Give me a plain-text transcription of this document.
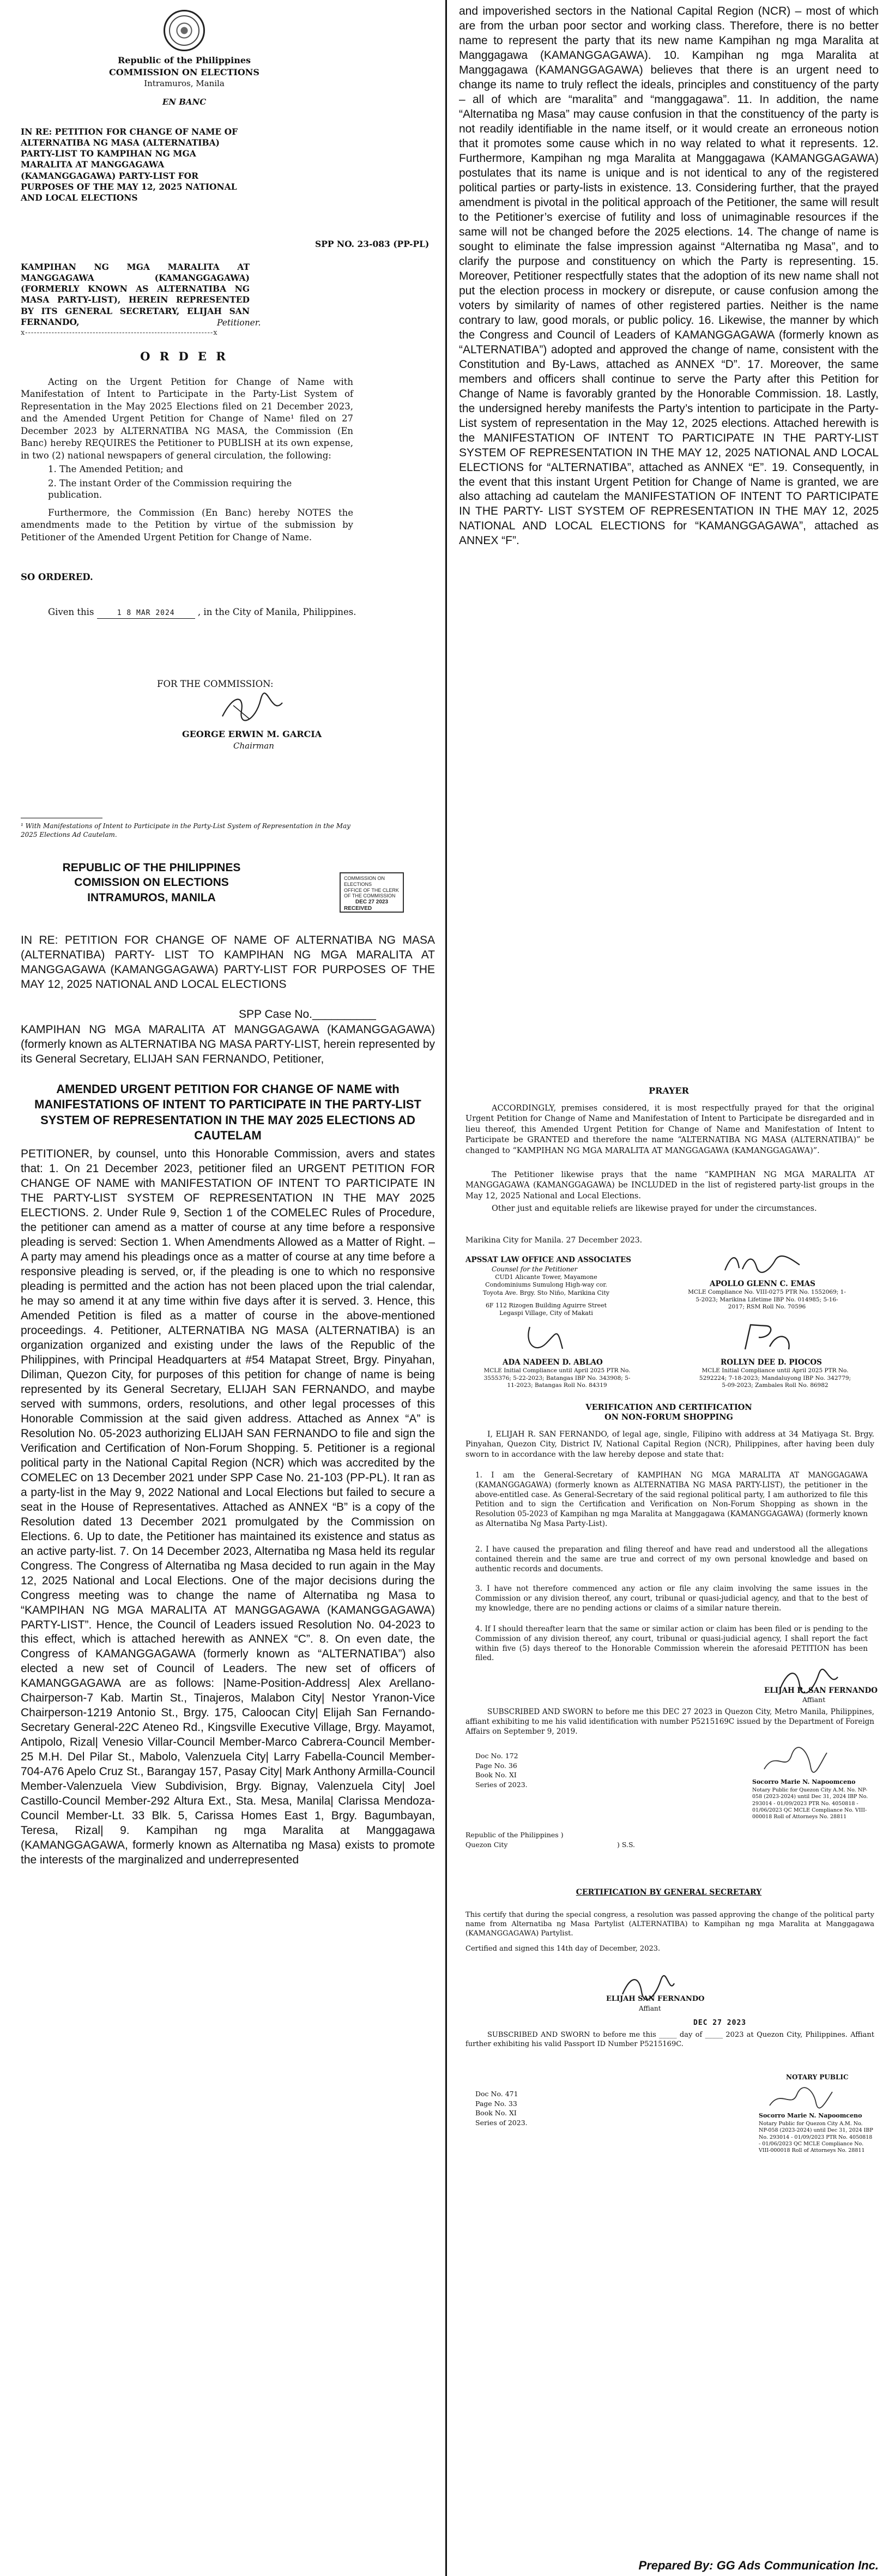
Republic of the Philippines
COMMISSION ON ELECTIONS
Intramuros, Manila
EN BANC
IN RE: PETITION FOR CHANGE OF NAME OF ALTERNATIBA NG MASA (ALTERNATIBA) PARTY-LIST TO KAMPIHAN NG MGA MARALITA AT MANGGAGAWA (KAMANGGAGAWA) PARTY-LIST FOR PURPOSES OF THE MAY 12, 2025 NATIONAL AND LOCAL ELECTIONS
SPP NO. 23-083 (PP-PL)
KAMPIHAN NG MGA MARALITA AT MANGGAGAWA (KAMANGGAGAWA) (FORMERLY KNOWN AS ALTERNATIBA NG MASA PARTY-LIST), HEREIN REPRESENTED BY ITS GENERAL SECRETARY, ELIJAH SAN FERNANDO,	Petitioner.
x----------------------------------------------------------------x
O R D E R
Acting on the Urgent Petition for Change of Name with Manifestation of Intent to Participate in the Party-List System of Representation in the May 2025 Elections filed on 21 December 2023, and the Amended Urgent Petition for Change of Name¹ filed on 27 December 2023 by ALTERNATIBA NG MASA, the Commission (En Banc) hereby REQUIRES the Petitioner to PUBLISH at its own expense, in two (2) national newspapers of general circulation, the following:
1. The Amended Petition; and
2. The instant Order of the Commission requiring the publication.
Furthermore, the Commission (En Banc) hereby NOTES the amendments made to the Petition by virtue of the submission by Petitioner of the Amended Urgent Petition for Change of Name.
SO ORDERED.
Given this	1 8 MAR 2024	, in the City of Manila, Philippines.
FOR THE COMMISSION:
GEORGE ERWIN M. GARCIA
Chairman
¹ With Manifestations of Intent to Participate in the Party-List System of Representation in the May 2025 Elections Ad Cautelam.
REPUBLIC OF THE PHILIPPINES
COMISSION ON ELECTIONS
INTRAMUROS, MANILA
COMMISSION ON ELECTIONS
OFFICE OF THE CLERK OF THE COMMISSION
DEC 27 2023
RECEIVED
IN RE: PETITION FOR CHANGE OF NAME OF ALTERNATIBA NG MASA (ALTERNATIBA) PARTY- LIST TO KAMPIHAN NG MGA MARALITA AT MANGGAGAWA (KAMANGGAGAWA) PARTY-LIST FOR PURPOSES OF THE MAY 12, 2025 NATIONAL AND LOCAL ELECTIONS
SPP Case No.__________
KAMPIHAN NG MGA MARALITA AT MANGGAGAWA (KAMANGGAGAWA) (formerly known as ALTERNATIBA NG MASA PARTY-LIST, herein represented by its General Secretary, ELIJAH SAN FERNANDO, Petitioner,
AMENDED URGENT PETITION FOR CHANGE OF NAME with MANIFESTATIONS OF INTENT TO PARTICIPATE IN THE PARTY-LIST SYSTEM OF REPRESENTATION IN THE MAY 2025 ELECTIONS AD CAUTELAM
PETITIONER, by counsel, unto this Honorable Commission, avers and states that: 1. On 21 December 2023, petitioner filed an URGENT PETITION FOR CHANGE OF NAME with MANIFESTATION OF INTENT TO PARTICIPATE IN THE PARTY-LIST SYSTEM OF REPRESENTATION IN THE MAY 2025 ELECTIONS. 2. Under Rule 9, Section 1 of the COMELEC Rules of Procedure, the petitioner can amend as a matter of course at any time before a responsive pleading is served: Section 1. When Amendments Allowed as a Matter of Right. – A party may amend his pleadings once as a matter of course at any time before a responsive pleading is served, or, if the pleading is one to which no responsive pleading is permitted and the action has not been placed upon the trial calendar, he may so amend it at any time within five days after it is served. 3. Hence, this Amended Petition is filed as a matter of course in the above-mentioned proceedings. 4. Petitioner, ALTERNATIBA NG MASA (ALTERNATIBA) is an organization organized and existing under the laws of the Republic of the Philippines, with Principal Headquarters at #54 Matapat Street, Brgy. Pinyahan, Diliman, Quezon City, for purposes of this petition for change of name is being represented by its General Secretary, ELIJAH SAN FERNANDO, and maybe served with summons, orders, resolutions, and other legal processes of this Honorable Commission at the said given address. Attached as Annex “A” is Resolution No. 05-2023 authorizing ELIJAH SAN FERNANDO to file and sign the Verification and Certification of Non-Forum Shopping. 5. Petitioner is a regional political party in the National Capital Region (NCR) which was accredited by the COMELEC on 13 December 2021 under SPP Case No. 21-103 (PP-PL). It ran as a party-list in the May 9, 2022 National and Local Elections but failed to secure a seat in the House of Representatives. Attached as ANNEX “B” is a copy of the Resolution dated 13 December 2021 promulgated by the Commission on Elections. 6. Up to date, the Petitioner has maintained its existence and status as an active party-list. 7. On 14 December 2023, Alternatiba ng Masa held its regular Congress. The Congress of Alternatiba ng Masa decided to run again in the May 12, 2025 National and Local Elections. One of the major decisions during the Congress meeting was to change the name of Alternatiba ng Masa to “KAMPIHAN NG MGA MARALITA AT MANGGAGAWA (KAMANGGAGAWA) PARTY-LIST”. Hence, the Council of Leaders issued Resolution No. 04-2023 to this effect, which is attached herewith as ANNEX “C”. 8. On even date, the Congress of KAMANGGAGAWA (formerly known as “ALTERNATIBA”) also elected a new set of Council of Leaders. The new set of officers of KAMANGGAGAWA are as follows: |Name-Position-Address| Alex Arellano-Chairperson-7 Kab. Martin St., Tinajeros, Malabon City| Nestor Yranon-Vice Chairperson-1219 Antonio St., Brgy. 175, Caloocan City| Elijah San Fernando-Secretary General-22C Ateneo Rd., Kingsville Executive Village, Brgy. Mayamot, Antipolo, Rizal| Venesio Villar-Council Member-Marco Cabrera-Council Member-25 M.H. Del Pilar St., Mabolo, Valenzuela City| Larry Fabella-Council Member-704-A76 Apelo Cruz St., Barangay 157, Pasay City| Mark Anthony Armilla-Council Member-Valenzuela View Subdivision, Brgy. Bignay, Valenzuela City| Joel Castillo-Council Member-292 Altura Ext., Sta. Mesa, Manila| Clarissa Mendoza-Council Member-Lt. 33 Blk. 5, Carissa Homes East 1, Brgy. Bagumbayan, Teresa, Rizal| 9. Kampihan ng mga Maralita at Manggagawa (KAMANGGAGAWA, formerly known as Alternatiba ng Masa) exists to promote the interests of the marginalized and underrepresented
and impoverished sectors in the National Capital Region (NCR) – most of which are from the urban poor sector and working class. Therefore, there is no better name to represent the party that its new name Kampihan ng mga Maralita at Manggagawa (KAMANGGAGAWA). 10. Kampihan ng mga Maralita at Manggagawa (KAMANGGAGAWA) believes that there is an urgent need to change its name to truly reflect the ideals, principles and constituency of the party – all of which are “maralita” and “manggagawa”. 11. In addition, the name “Alternatiba ng Masa” may cause confusion in that the constituency of the party is not readily identifiable in the name itself, or it would create an erroneous notion that it promotes some cause which in no way related to what it represents. 12. Furthermore, Kampihan ng mga Maralita at Manggagawa (KAMANGGAGAWA) postulates that its name is unique and is not identical to any of the registered political parties or party-lists in existence. 13. Considering further, that the prayed amendment is pivotal in the political approach of the Petitioner, the same will result to the Petitioner’s exercise of futility and loss of unimaginable resources if the same will not be changed before the 2025 elections. 14. The change of name is sought to eliminate the false impression against “Alternatiba ng Masa”, and to clarify the purpose and constituency on which the Party is representing. 15. Moreover, Petitioner respectfully states that the adoption of its new name shall not put the election process in mockery or disrepute, or cause confusion among the voters by similarity of names of other registered parties. Neither is the name contrary to law, good morals, or public policy. 16. Likewise, the manner by which the Congress and Council of Leaders of KAMANGGAGAWA (formerly known as “ALTERNATIBA”) adopted and approved the change of name, consistent with the Constitution and By-Laws, attached as ANNEX “D”. 17. Moreover, the same members and officers shall continue to serve the Party after this Petition for Change of Name is favorably granted by the Honorable Commission. 18. Lastly, the undersigned hereby manifests the Party’s intention to participate in the Party-List system of representation in the May 12, 2025 elections. Attached herewith is the MANIFESTATION OF INTENT TO PARTICIPATE IN THE PARTY-LIST SYSTEM OF REPRESENTATION IN THE MAY 12, 2025 NATIONAL AND LOCAL ELECTIONS for “ALTERNATIBA”, attached as ANNEX “E”. 19. Consequently, in the event that this instant Urgent Petition for Change of Name is granted, we are also attaching ad cautelam the MANIFESTATION OF INTENT TO PARTICIPATE IN THE PARTY- LIST SYSTEM OF REPRESENTATION IN THE MAY 12, 2025 NATIONAL AND LOCAL ELECTIONS for “KAMANGGAGAWA”, attached as ANNEX “F”.
PRAYER
ACCORDINGLY, premises considered, it is most respectfully prayed for that the original Urgent Petition for Change of Name and Manifestation of Intent to Participate be disregarded and in lieu thereof, this Amended Urgent Petition for Change of Name and Manifestation of Intent to Participate be GRANTED and therefore the name “ALTERNATIBA NG MASA (ALTERNATIBA)” be changed to “KAMPIHAN NG MGA MARALITA AT MANGGAGAWA (KAMANGGAGAWA)”.
The Petitioner likewise prays that the name “KAMPIHAN NG MGA MARALITA AT MANGGAGAWA (KAMANGGAGAWA) be INCLUDED in the list of registered party-list groups in the May 12, 2025 National and Local Elections.
Other just and equitable reliefs are likewise prayed for under the circumstances.
Marikina City for Manila. 27 December 2023.
APSSAT LAW OFFICE AND ASSOCIATES
Counsel for the Petitioner
CUD1 Alicante Tower, Mayamone Condominiums Sumulong High-way cor. Toyota Ave. Brgy. Sto Niño, Marikina City
6F 112 Rizogen Building Aguirre Street Legaspi Village, City of Makati
APOLLO GLENN C. EMAS
MCLE Compliance No. VIII-0275 PTR No. 1552069; 1-5-2023; Marikina Lifetime IBP No. 014985; 5-16-2017; RSM Roll No. 70596
ADA NADEEN D. ABLAO
MCLE Initial Compliance until April 2025 PTR No. 3555376; 5-22-2023; Batangas IBP No. 343908; 5-11-2023; Batangas Roll No. 84319
ROLLYN DEE D. PIOCOS
MCLE Initial Compliance until April 2025 PTR No. 5292224; 7-18-2023; Mandaluyong IBP No. 342779; 5-09-2023; Zambales Roll No. 86982
VERIFICATION AND CERTIFICATION
ON NON-FORUM SHOPPING
I, ELIJAH R. SAN FERNANDO, of legal age, single, Filipino with address at 34 Matiyaga St. Brgy. Pinyahan, Quezon City, District IV, National Capital Region (NCR), Philippines, after having been duly sworn to in accordance with the law hereby depose and state that:
1. I am the General-Secretary of KAMPIHAN NG MGA MARALITA AT MANGGAGAWA (KAMANGGAGAWA) (formerly known as ALTERNATIBA NG MASA PARTY-LIST), the petitioner in the above-entitled case. As General-Secretary of the said regional political party, I am authorized to file this Petition and to sign the Certification and Verification on Non-Forum Shopping as shown in the Resolution 05-2023 of Kampihan ng mga Maralita at Manggagawa (KAMANGGAGAWA) (formerly known as Alternatiba Ng Masa Party-List).
2. I have caused the preparation and filing thereof and have read and understood all the allegations contained therein and the same are true and correct of my own personal knowledge and based on authentic records and documents.
3. I have not therefore commenced any action or file any claim involving the same issues in the Commission or any division thereof, any court, tribunal or quasi-judicial agency, and that to the best of my knowledge, there are no pending actions or claims of a similar nature therein.
4. If I should thereafter learn that the same or similar action or claim has been filed or is pending to the Commission of any division thereof, any court, tribunal or quasi-judicial agency, I shall report the fact within five (5) days thereof to the Honorable Commission wherein the aforesaid PETITION has been filed.
ELIJAH R. SAN FERNANDO
Affiant
SUBSCRIBED AND SWORN to before me this DEC 27 2023 in Quezon City, Metro Manila, Philippines, affiant exhibiting to me his valid identification with number P5215169C issued by the Department of Foreign Affairs on September 9, 2019.
Doc No. 172
Page No. 36
Book No. XI
Series of 2023.	Socorro Marie N. Napoomceno
Notary Public for Quezon City A.M. No. NP-058 (2023-2024) until Dec 31, 2024 IBP No. 293014 - 01/09/2023 PTR No. 4050818 - 01/06/2023 QC MCLE Compliance No. VIII-000018 Roll of Attorneys No. 28811
Republic of the Philippines )
Quezon City	) S.S.
CERTIFICATION BY GENERAL SECRETARY
This certify that during the special congress, a resolution was passed approving the change of the political party name from Alternatiba ng Masa Partylist (ALTERNATIBA) to Kampihan ng mga Maralita at Manggagawa (KAMANGGAGAWA) Partylist.
Certified and signed this 14th day of December, 2023.
ELIJAH SAN FERNANDO
Affiant
DEC 27 2023
SUBSCRIBED AND SWORN to before me this _____ day of _____ 2023 at Quezon City, Philippines. Affiant further exhibiting his valid Passport ID Number P5215169C.
Doc No. 471
Page No. 33
Book No. XI
Series of 2023.
NOTARY PUBLIC
Socorro Marie N. Napoomceno
Notary Public for Quezon City A.M. No. NP-058 (2023-2024) until Dec 31, 2024 IBP No. 293014 - 01/09/2023 PTR No. 4050818 - 01/06/2023 QC MCLE Compliance No. VIII-000018 Roll of Attorneys No. 28811
Prepared By: GG Ads Communication Inc.
